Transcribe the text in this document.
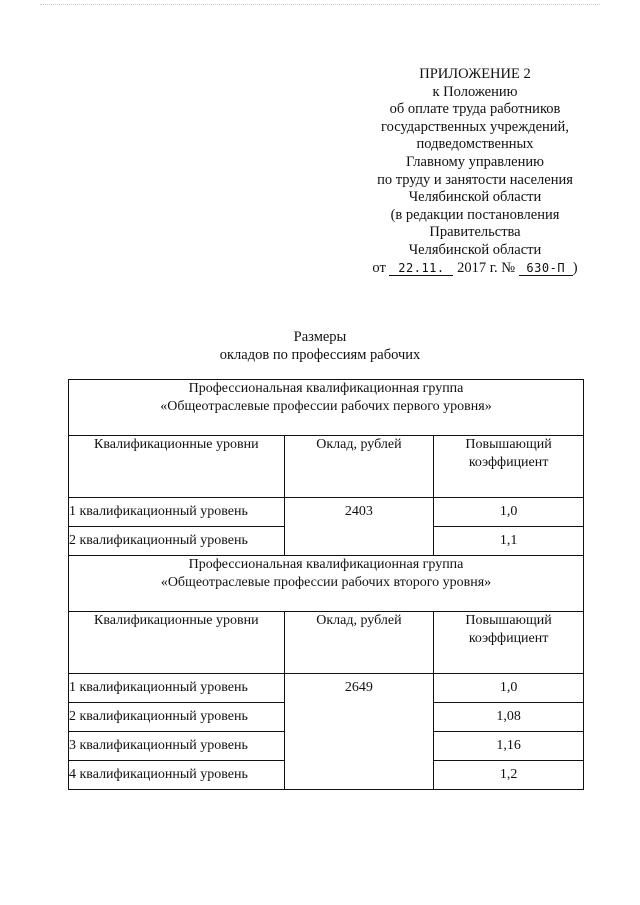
ПРИЛОЖЕНИЕ 2
к Положению
об оплате труда работников
государственных учреждений,
подведомственных
Главному управлению
по труду и занятости населения
Челябинской области
(в редакции постановления
Правительства
Челябинской области
от 22.11. 2017 г. № 630-П )
Размеры
окладов по профессиям рабочих
Профессиональная квалификационная группа
«Общеотраслевые профессии рабочих первого уровня»		

Квалификационные уровни	Оклад, рублей	Повышающий
коэффициент

1 квалификационный уровень	2403	1,0
2 квалификационный уровень		1,1

Профессиональная квалификационная группа
«Общеотраслевые профессии рабочих второго уровня»		

Квалификационные уровни	Оклад, рублей	Повышающий
коэффициент

1 квалификационный уровень	2649	1,0
2 квалификационный уровень		1,08
3 квалификационный уровень		1,16
4 квалификационный уровень		1,2
